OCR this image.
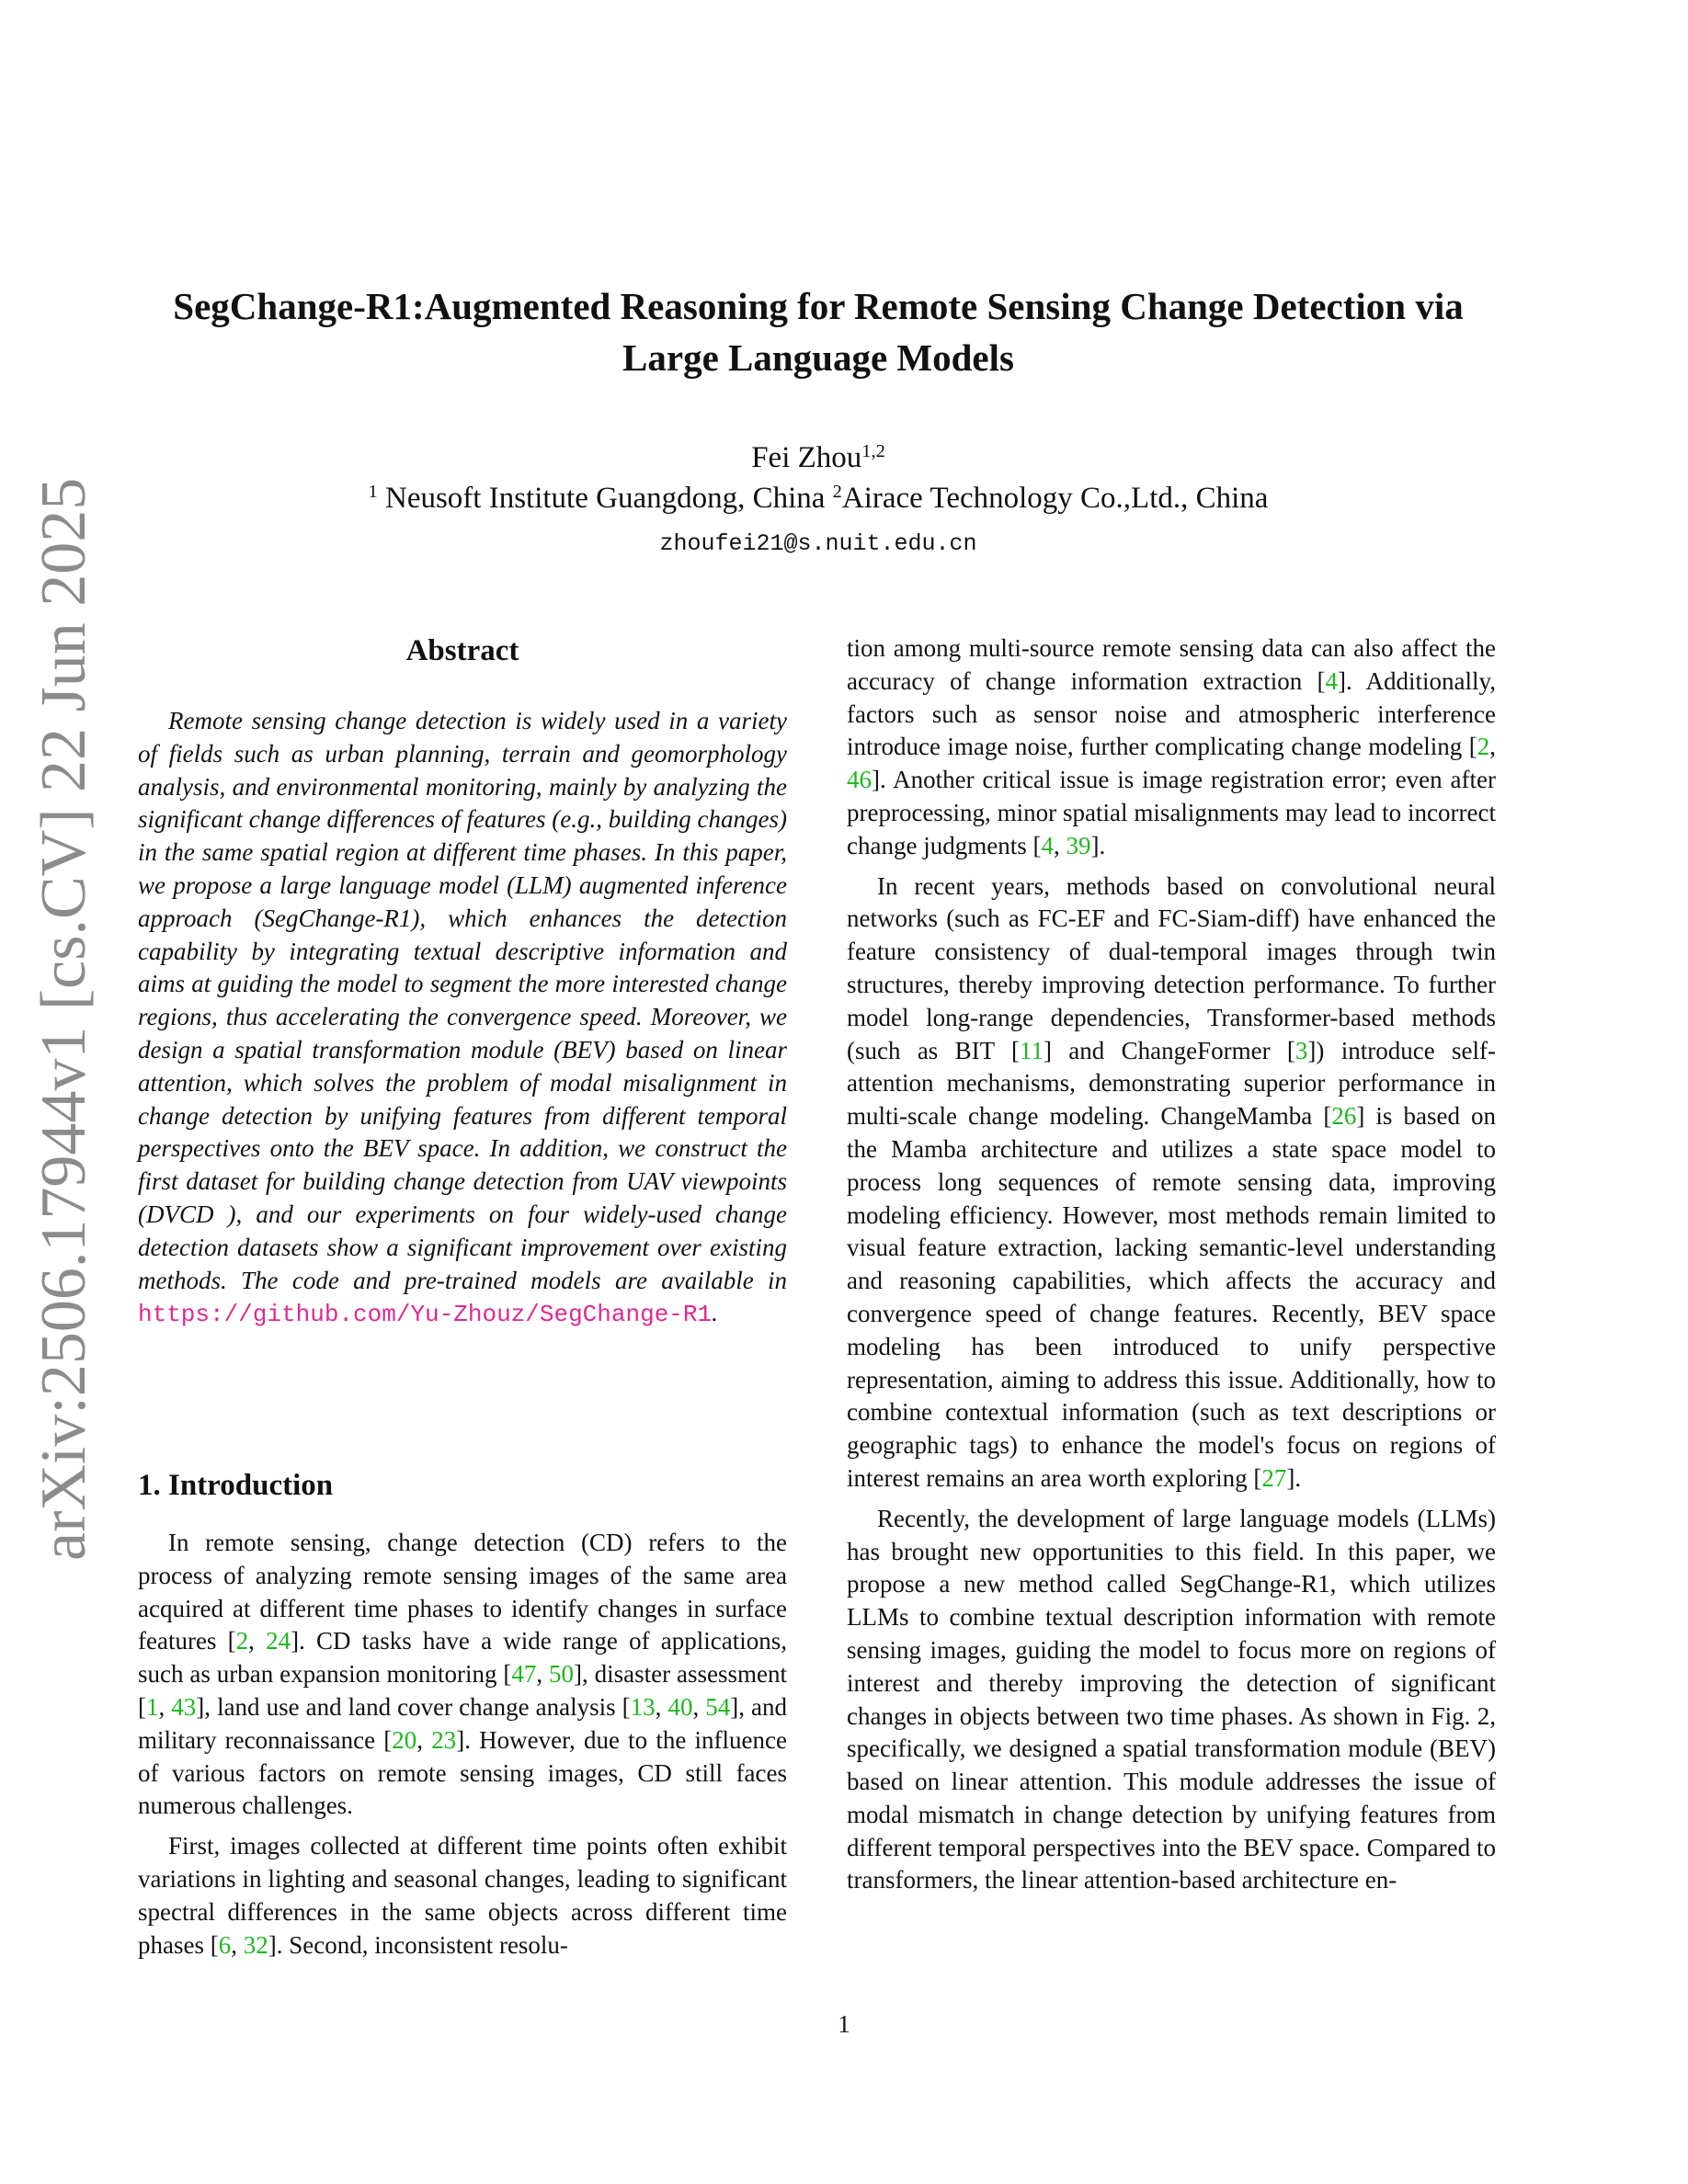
arXiv:2506.17944v1 [cs.CV] 22 Jun 2025
SegChange-R1:Augmented Reasoning for Remote Sensing Change Detection via
Large Language Models
Fei Zhou$^{1,2}$
$^1$ Neusoft Institute Guangdong, China $^2$Airace Technology Co.,Ltd., China
zhoufei21@s.nuit.edu.cn
Abstract

Remote sensing change detection is widely used in a variety of fields such as urban planning, terrain and geomorphology analysis, and environmental monitoring, mainly by analyzing the significant change differences of features (e.g., building changes) in the same spatial region at different time phases. In this paper, we propose a large language model (LLM) augmented inference approach (SegChange-R1), which enhances the detection capability by integrating textual descriptive information and aims at guiding the model to segment the more interested change regions, thus accelerating the convergence speed. Moreover, we design a spatial transformation module (BEV) based on linear attention, which solves the problem of modal misalignment in change detection by unifying features from different temporal perspectives onto the BEV space. In addition, we construct the first dataset for building change detection from UAV viewpoints (DVCD ), and our experiments on four widely-used change detection datasets show a significant improvement over existing methods. The code and pre-trained models are available in https://github.com/Yu-Zhouz/SegChange-R1.

1. Introduction

In remote sensing, change detection (CD) refers to the process of analyzing remote sensing images of the same area acquired at different time phases to identify changes in surface features [2, 24]. CD tasks have a wide range of applications, such as urban expansion monitoring [47, 50], disaster assessment [1, 43], land use and land cover change analysis [13, 40, 54], and military reconnaissance [20, 23]. However, due to the influence of various factors on remote sensing images, CD still faces numerous challenges.

First, images collected at different time points often exhibit variations in lighting and seasonal changes, leading to significant spectral differences in the same objects across different time phases [6, 32]. Second, inconsistent resolu-

tion among multi-source remote sensing data can also affect the accuracy of change information extraction [4]. Additionally, factors such as sensor noise and atmospheric interference introduce image noise, further complicating change modeling [2, 46]. Another critical issue is image registration error; even after preprocessing, minor spatial misalignments may lead to incorrect change judgments [4, 39].

In recent years, methods based on convolutional neural networks (such as FC-EF and FC-Siam-diff) have enhanced the feature consistency of dual-temporal images through twin structures, thereby improving detection performance. To further model long-range dependencies, Transformer-based methods (such as BIT [11] and ChangeFormer [3]) introduce self-attention mechanisms, demonstrating superior performance in multi-scale change modeling. ChangeMamba [26] is based on the Mamba architecture and utilizes a state space model to process long sequences of remote sensing data, improving modeling efficiency. However, most methods remain limited to visual feature extraction, lacking semantic-level understanding and reasoning capabilities, which affects the accuracy and convergence speed of change features. Recently, BEV space modeling has been introduced to unify perspective representation, aiming to address this issue. Additionally, how to combine contextual information (such as text descriptions or geographic tags) to enhance the model's focus on regions of interest remains an area worth exploring [27].

Recently, the development of large language models (LLMs) has brought new opportunities to this field. In this paper, we propose a new method called SegChange-R1, which utilizes LLMs to combine textual description information with remote sensing images, guiding the model to focus more on regions of interest and thereby improving the detection of significant changes in objects between two time phases. As shown in Fig. 2, specifically, we designed a spatial transformation module (BEV) based on linear attention. This module addresses the issue of modal mismatch in change detection by unifying features from different temporal perspectives into the BEV space. Compared to transformers, the linear attention-based architecture en-

1
